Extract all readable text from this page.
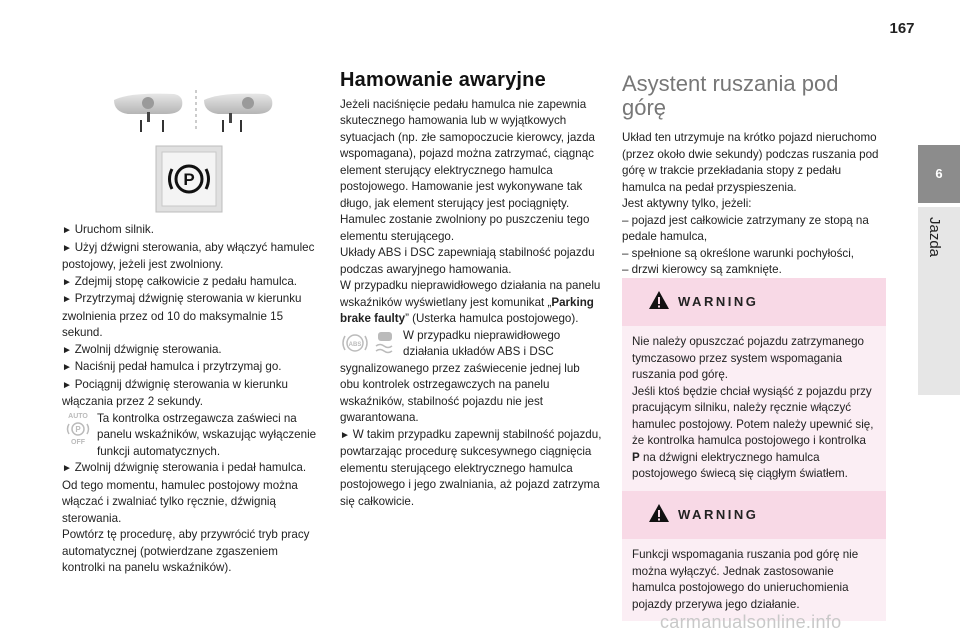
167
6
Jazda
P

► Uruchom silnik.

► Użyj dźwigni sterowania, aby włączyć hamulec postojowy, jeżeli jest zwolniony.

► Zdejmij stopę całkowicie z pedału hamulca.

► Przytrzymaj dźwignię sterowania w kierunku zwolnienia przez od 10 do maksymalnie 15 sekund.

► Zwolnij dźwignię sterowania.

► Naciśnij pedał hamulca i przytrzymaj go.

► Pociągnij dźwignię sterowania w kierunku włączania przez 2 sekundy.

AUTO
P
OFF
Ta kontrolka ostrzegawcza zaświeci na panelu wskaźników, wskazując wyłączenie funkcji automatycznych.

► Zwolnij dźwignię sterowania i pedał hamulca.

Od tego momentu, hamulec postojowy można włączać i zwalniać tylko ręcznie, dźwignią sterowania.

Powtórz tę procedurę, aby przywrócić tryb pracy automatycznej (potwierdzane zgaszeniem kontrolki na panelu wskaźników).

Hamowanie awaryjne

Jeżeli naciśnięcie pedału hamulca nie zapewnia skutecznego hamowania lub w wyjątkowych sytuacjach (np. złe samopoczucie kierowcy, jazda wspomagana), pojazd można zatrzymać, ciągnąc element sterujący elektrycznego hamulca postojowego. Hamowanie jest wykonywane tak długo, jak element sterujący jest pociągnięty. Hamulec zostanie zwolniony po puszczeniu tego elementu sterującego.

Układy ABS i DSC zapewniają stabilność pojazdu podczas awaryjnego hamowania.

W przypadku nieprawidłowego działania na panelu wskaźników wyświetlany jest komunikat „Parking brake faulty” (Usterka hamulca postojowego).

ABS
W przypadku nieprawidłowego działania układów ABS i DSC sygnalizowanego przez zaświecenie jednej lub obu kontrolek ostrzegawczych na panelu wskaźników, stabilność pojazdu nie jest gwarantowana.

► W takim przypadku zapewnij stabilność pojazdu, powtarzając procedurę sukcesywnego ciągnięcia elementu sterującego elektrycznego hamulca postojowego i jego zwalniania, aż pojazd zatrzyma się całkowicie.

Asystent ruszania pod górę

Układ ten utrzymuje na krótko pojazd nieruchomo (przez około dwie sekundy) podczas ruszania pod górę w trakcie przekładania stopy z pedału hamulca na pedał przyspieszenia.

Jest aktywny tylko, jeżeli:

– pojazd jest całkowicie zatrzymany ze stopą na pedale hamulca,

– spełnione są określone warunki pochyłości,

– drzwi kierowcy są zamknięte.

WARNING

Nie należy opuszczać pojazdu zatrzymanego tymczasowo przez system wspomagania ruszania pod górę.

Jeśli ktoś będzie chciał wysiąść z pojazdu przy pracującym silniku, należy ręcznie włączyć hamulec postojowy. Potem należy upewnić się, że kontrolka hamulca postojowego i kontrolka P na dźwigni elektrycznego hamulca postojowego świecą się ciągłym światłem.

WARNING

Funkcji wspomagania ruszania pod górę nie można wyłączyć. Jednak zastosowanie hamulca postojowego do unieruchomienia pojazdy przerywa jego działanie.

carmanualsonline.info
